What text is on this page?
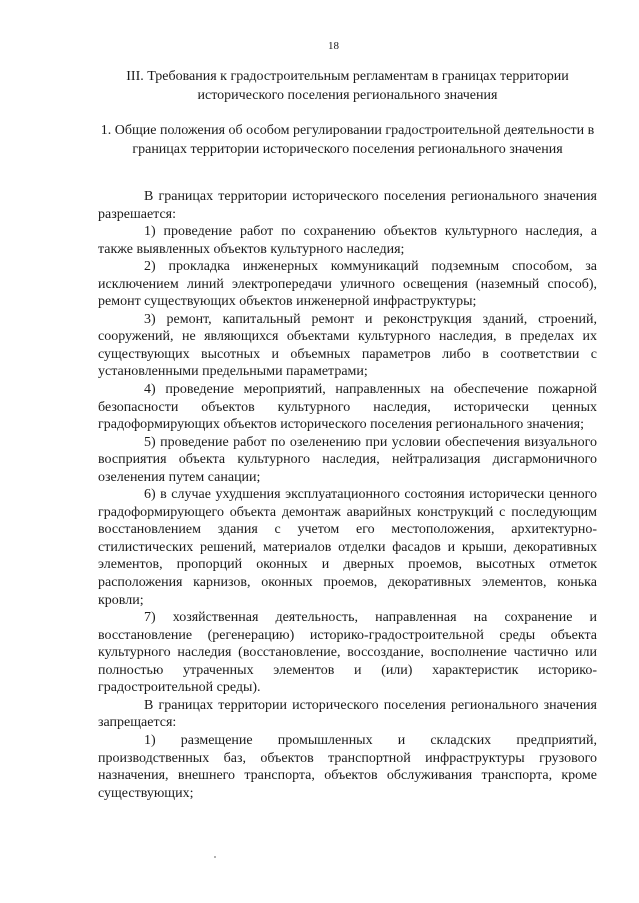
18
III. Требования к градостроительным регламентам в границах территории исторического поселения регионального значения
1. Общие положения об особом регулировании градостроительной деятельности в границах территории исторического поселения регионального значения

В границах территории исторического поселения регионального значения разрешается:

1) проведение работ по сохранению объектов культурного наследия, а также выявленных объектов культурного наследия;

2) прокладка инженерных коммуникаций подземным способом, за исключением линий электропередачи уличного освещения (наземный способ), ремонт существующих объектов инженерной инфраструктуры;

3) ремонт, капитальный ремонт и реконструкция зданий, строений, сооружений, не являющихся объектами культурного наследия, в пределах их существующих высотных и объемных параметров либо в соответствии с установленными предельными параметрами;

4) проведение мероприятий, направленных на обеспечение пожарной безопасности объектов культурного наследия, исторически ценных градоформирующих объектов исторического поселения регионального значения;

5) проведение работ по озеленению при условии обеспечения визуального восприятия объекта культурного наследия, нейтрализация дисгармоничного озеленения путем санации;

6) в случае ухудшения эксплуатационного состояния исторически ценного градоформирующего объекта демонтаж аварийных конструкций с последующим восстановлением здания с учетом его местоположения, архитектурно-стилистических решений, материалов отделки фасадов и крыши, декоративных элементов, пропорций оконных и дверных проемов, высотных отметок расположения карнизов, оконных проемов, декоративных элементов, конька кровли;

7) хозяйственная деятельность, направленная на сохранение и восстановление (регенерацию) историко-градостроительной среды объекта культурного наследия (восстановление, воссоздание, восполнение частично или полностью утраченных элементов и (или) характеристик историко-градостроительной среды).

В границах территории исторического поселения регионального значения запрещается:

1) размещение промышленных и складских предприятий, производственных баз, объектов транспортной инфраструктуры грузового назначения, внешнего транспорта, объектов обслуживания транспорта, кроме существующих;
